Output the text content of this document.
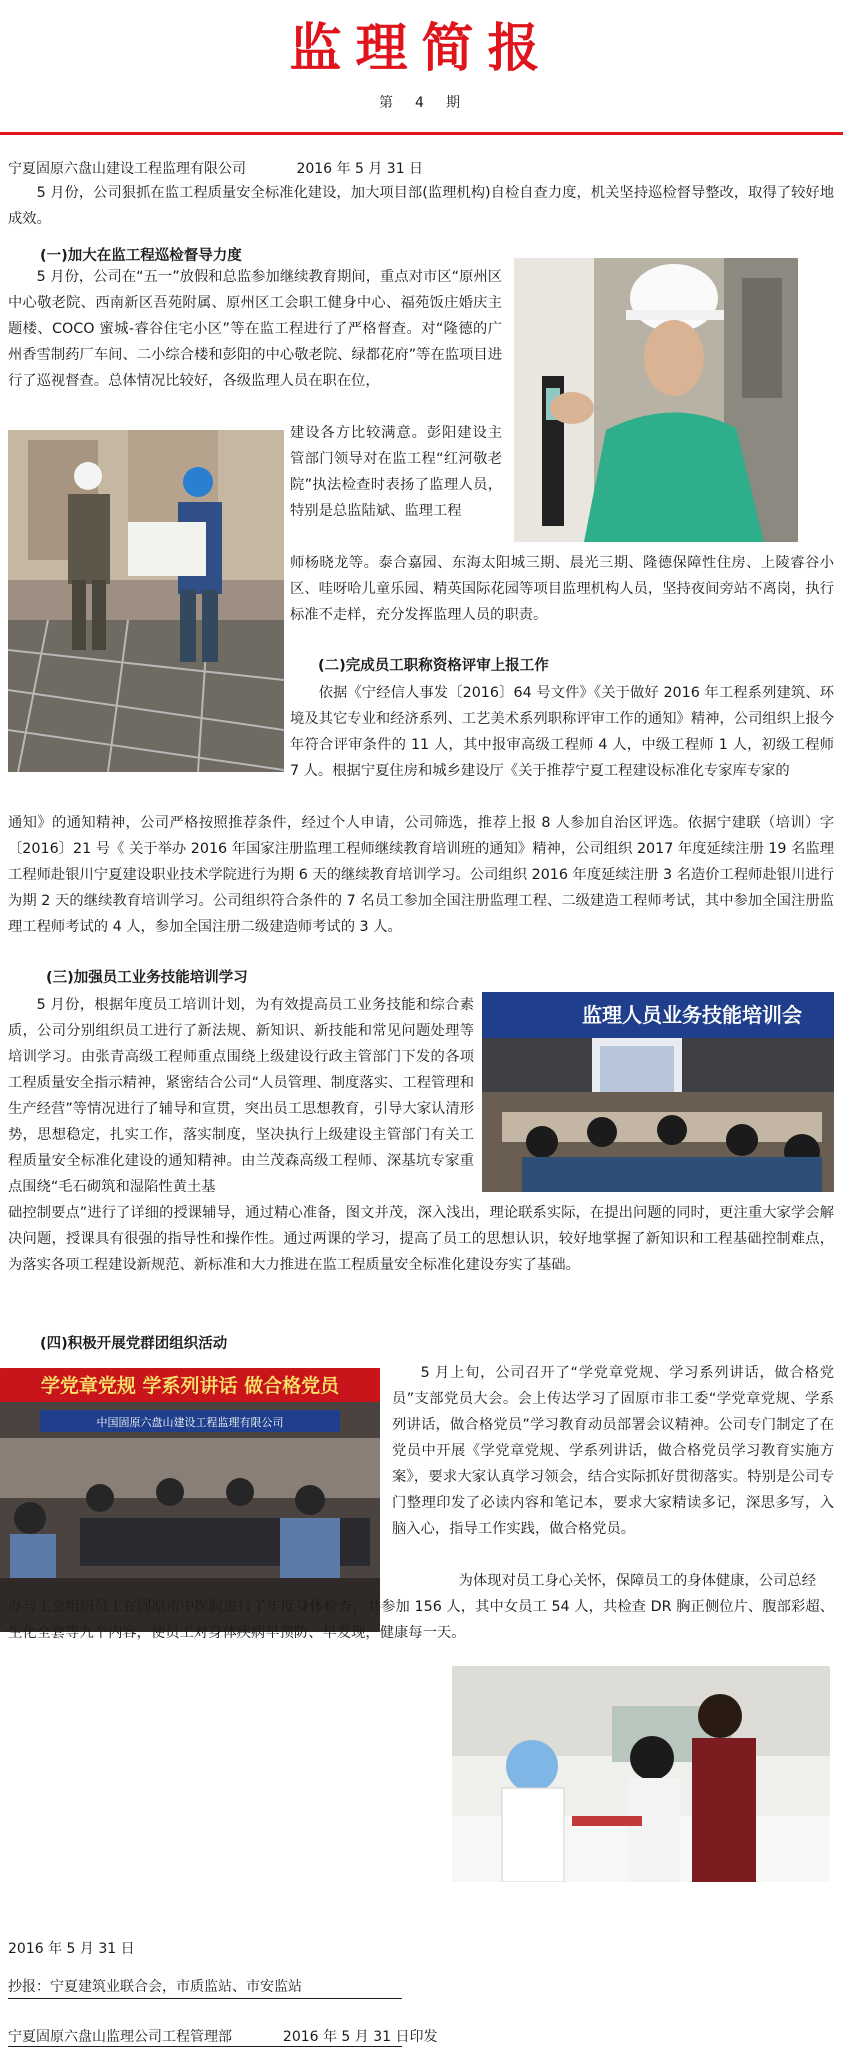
监理简报
第　4　期
宁夏固原六盘山建设工程监理有限公司	2016 年 5 月 31 日

5 月份，公司狠抓在监工程质量安全标准化建设，加大项目部(监理机构)自检自查力度，机关坚持巡检督导整改，取得了较好地成效。

(一)加大在监工程巡检督导力度

5 月份，公司在“五一”放假和总监参加继续教育期间，重点对市区“原州区中心敬老院、西南新区吾苑附属、原州区工会职工健身中心、福苑饭庄婚庆主题楼、COCO 蜜城-睿谷住宅小区”等在监工程进行了严格督查。对“隆德的广州香雪制药厂车间、二小综合楼和彭阳的中心敬老院、绿都花府”等在监项目进行了巡视督查。总体情况比较好，各级监理人员在职在位，

建设各方比较满意。彭阳建设主管部门领导对在监工程“红河敬老院”执法检查时表扬了监理人员，特别是总监陆斌、监理工程

师杨晓龙等。泰合嘉园、东海太阳城三期、晨光三期、隆德保障性住房、上陵睿谷小区、哇呀哈儿童乐园、精英国际花园等项目监理机构人员，坚持夜间旁站不离岗，执行标准不走样，充分发挥监理人员的职责。

(二)完成员工职称资格评审上报工作

依据《宁经信人事发〔2016〕64 号文件》《关于做好 2016 年工程系列建筑、环境及其它专业和经济系列、工艺美术系列职称评审工作的通知》精神，公司组织上报今年符合评审条件的 11 人，其中报审高级工程师 4 人，中级工程师 1 人，初级工程师 7 人。根据宁夏住房和城乡建设厅《关于推荐宁夏工程建设标准化专家库专家的

通知》的通知精神，公司严格按照推荐条件，经过个人申请，公司筛选，推荐上报 8 人参加自治区评选。依据宁建联（培训）字〔2016〕21 号《 关于举办 2016 年国家注册监理工程师继续教育培训班的通知》精神，公司组织 2017 年度延续注册 19 名监理工程师赴银川宁夏建设职业技术学院进行为期 6 天的继续教育培训学习。公司组织 2016 年度延续注册 3 名造价工程师赴银川进行为期 2 天的继续教育培训学习。公司组织符合条件的 7 名员工参加全国注册监理工程、二级建造工程师考试，其中参加全国注册监理工程师考试的 4 人，参加全国注册二级建造师考试的 3 人。

(三)加强员工业务技能培训学习
监理人员业务技能培训会

5 月份，根据年度员工培训计划，为有效提高员工业务技能和综合素质，公司分别组织员工进行了新法规、新知识、新技能和常见问题处理等培训学习。由张青高级工程师重点围绕上级建设行政主管部门下发的各项工程质量安全指示精神，紧密结合公司“人员管理、制度落实、工程管理和生产经营”等情况进行了辅导和宣贯，突出员工思想教育，引导大家认清形势，思想稳定，扎实工作，落实制度，坚决执行上级建设主管部门有关工程质量安全标准化建设的通知精神。由兰茂森高级工程师、深基坑专家重点围绕“毛石砌筑和湿陷性黄土基

础控制要点”进行了详细的授课辅导，通过精心准备，图文并茂，深入浅出，理论联系实际，在提出问题的同时，更注重大家学会解决问题，授课具有很强的指导性和操作性。通过两课的学习，提高了员工的思想认识，较好地掌握了新知识和工程基础控制难点，为落实各项工程建设新规范、新标准和大力推进在监工程质量安全标准化建设夯实了基础。

(四)积极开展党群团组织活动
学党章党规 学系列讲话 做合格党员
中国固原六盘山建设工程监理有限公司

5 月上旬，公司召开了“学党章党规、学习系列讲话，做合格党员”支部党员大会。会上传达学习了固原市非工委“学党章党规、学系列讲话，做合格党员”学习教育动员部署会议精神。公司专门制定了在党员中开展《学党章党规、学系列讲话，做合格党员学习教育实施方案》，要求大家认真学习领会，结合实际抓好贯彻落实。特别是公司专门整理印发了必读内容和笔记本，要求大家精读多记，深思多写，入脑入心，指导工作实践，做合格党员。

为体现对员工身心关怀，保障员工的身体健康，公司总经

办与工会组织员工在固原市中医院进行了年度身体检查，共参加 156 人，其中女员工 54 人，共检查 DR 胸正侧位片、腹部彩超、生化全套等九个内容，使员工对身体疾病早预防、早发现，健康每一天。

2016 年 5 月 31 日
抄报：宁夏建筑业联合会，市质监站、市安监站
宁夏固原六盘山监理公司工程管理部	2016 年 5 月 31 日印发
